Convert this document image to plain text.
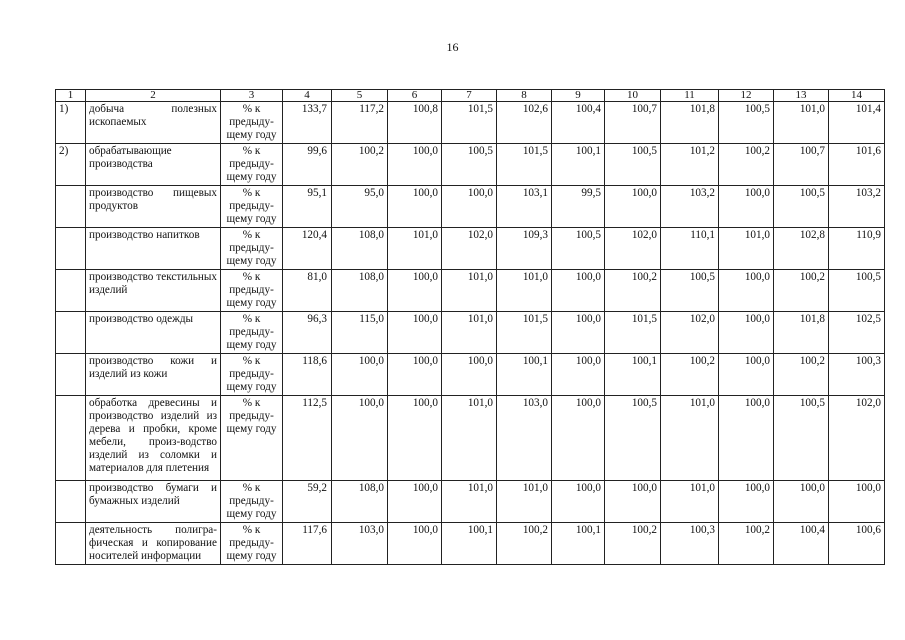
16
1	2	3	4	5	6	7	8	9	10	11	12	13	14
1)	добыча полезных ископаемых	% к предыду-щему году	133,7	117,2	100,8	101,5	102,6	100,4	100,7	101,8	100,5	101,0	101,4
2)	обрабатывающие производства	% к предыду-щему году	99,6	100,2	100,0	100,5	101,5	100,1	100,5	101,2	100,2	100,7	101,6
	производство пищевых продуктов	% к предыду-щему году	95,1	95,0	100,0	100,0	103,1	99,5	100,0	103,2	100,0	100,5	103,2
	производство напитков	% к предыду-щему году	120,4	108,0	101,0	102,0	109,3	100,5	102,0	110,1	101,0	102,8	110,9
	производство текстильных изделий	% к предыду-щему году	81,0	108,0	100,0	101,0	101,0	100,0	100,2	100,5	100,0	100,2	100,5
	производство одежды	% к предыду-щему году	96,3	115,0	100,0	101,0	101,5	100,0	101,5	102,0	100,0	101,8	102,5
	производство кожи и изделий из кожи	% к предыду-щему году	118,6	100,0	100,0	100,0	100,1	100,0	100,1	100,2	100,0	100,2	100,3
	обработка древесины и производство изделий из дерева и пробки, кроме мебели, произ-водство изделий из соломки и материалов для плетения	% к предыду-щему году	112,5	100,0	100,0	101,0	103,0	100,0	100,5	101,0	100,0	100,5	102,0
	производство бумаги и бумажных изделий	% к предыду-щему году	59,2	108,0	100,0	101,0	101,0	100,0	100,0	101,0	100,0	100,0	100,0
	деятельность полигра-фическая и копирование носителей информации	% к предыду-щему году	117,6	103,0	100,0	100,1	100,2	100,1	100,2	100,3	100,2	100,4	100,6
